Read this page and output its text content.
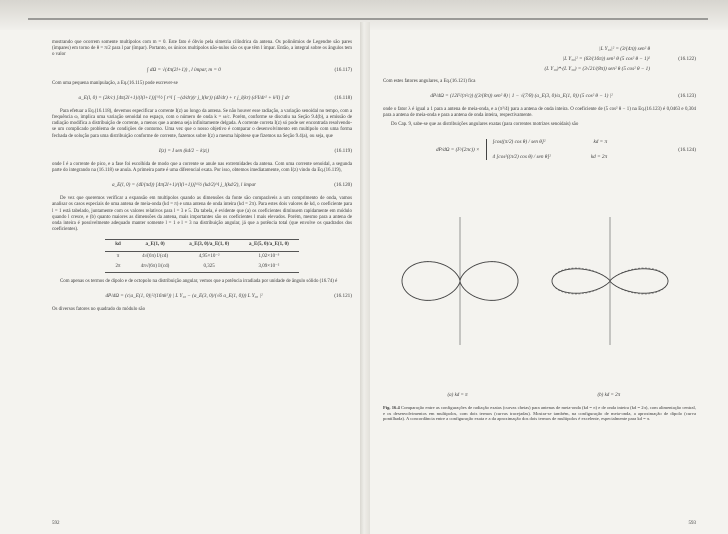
mostrando que ocorrem somente multipolos com m = 0. Este fato é óbvio pela simetria cilíndrica da antena. Os polinômios de Legendre são pares (ímpares) em torno de θ = π/2 para l par (ímpar). Portanto, os únicos multipolos não-nulos são os que têm l ímpar. Então, a integral sobre os ângulos tem o valor

∫ dΩ = √(4π(2l+1)) , l ímpar, m = 0	(16.117)

Com uma pequena manipulação, a Eq.(16.115) pode escrever-se

a_E(l, 0) = (2k/c) [4π(2l+1)/(l(l+1))]^½ ∫ r^l [ −(d/dr)(r j_l(kr)) (dI/dr) + r j_l(kr) (d²I/dr² + k²I) ] dr	(16.118)

Para efetuar a Eq.(16.118), devemos especificar a corrente I(z) ao longo da antena. Se não houver esse radiação, a variação senoidal no tempo, com a frequência ω, implica uma variação senoidal no espaço, com o número de onda k = ω/c. Porém, conforme se discutiu na Seção 9.4(b), a emissão de radiação modifica a distribuição de corrente, a menos que a antena seja infinitamente delgada. A corrente correta I(z) só pode ser encontrada resolvendo-se um complicado problema de condições de contorno. Uma vez que o nosso objetivo é comparar o desenvolvimento em multipolo com uma forma fechada de solução para uma distribuição conforme de corrente, fazemos sobre I(z) a mesma hipótese que fizemos na Seção 9.4(a), ou seja, que

I(z) = I sen (kd/2 − k|z|)	(16.119)

onde I é a corrente de pico, e a fase foi escolhida de modo que a corrente se anule nas extremidades da antena. Com uma corrente senoidal, a segunda parte do integrando na (16.118) se anula. A primeira parte é uma diferencial exata. Por isso, obtemos imediatamente, com I(z) vindo da Eq.(16.119),

a_E(l, 0) = (4I/(πd)) [4π(2l+1)/(l(l+1))]^½ (kd/2)^l j_l(kd/2), l ímpar	(16.120)

De vez que queremos verificar a expansão em multipolos quando as dimensões da fonte são comparáveis a um comprimento de onda, vamos analisar os casos especiais de uma antena de meia-onda (kd = π) e uma antena de onda inteira (kd = 2π). Para estes dois valores de kd, o coeficiente para l = 1 está tabelado, juntamente com os valores relativos para l = 3 e 5. Da tabela, é evidente que (a) os coeficientes diminuem rapidamente em módulo quando l cresce, e (b) quanto maiores as dimensões da antena, mais importantes são os coeficientes l mais elevados. Porém, mesmo para a antena de onda inteira é possivelmente adequado manter somente l = 1 e l = 3 na distribuição angular, já que a potência total (que envolve os quadrados dos coeficientes).

kd	a_E(1, 0)	a_E(3, 0)/a_E(1, 0)	a_E(5, 0)/a_E(1, 0)
π	4√(6π) I/(cd)	4,95×10⁻²	1,02×10⁻³
2π	4π√(6π) I/(cd)	0,325	3,09×10⁻²

Com apenas os termos de dipolo e de octopolo na distribuição angular, vemos que a potência irradiada por unidade de ângulo sólido (16.74) é

dP/dΩ = (c|a_E(1, 0)|²/(16πk²)) | L Y₁₀ − (a_E(3, 0)/(√6 a_E(1, 0))) L Y₃₀ |²	(16.121)

Os diversos fatores no quadrado do módulo são

592
|L Y₁₀|² = (3/(4π)) sen² θ
|L Y₃₀|² = (63/(16π)) sen² θ (5 cos² θ − 1)²
(L Y₁₀)*·(L Y₃₀) = (3√21/(8π)) sen² θ (5 cos² θ − 1)
(16.122)

Com estes fatores angulares, a Eq.(16.121) fica

dP/dΩ = (12I²/(π²c)) ((3/(8π)) sen² θ) | 1 − √(7/8) (a_E(3, 0)/a_E(1, 0)) (5 cos² θ − 1) |²	(16.123)

onde o fator λ é igual a 1 para a antena de meia-onda, e a (π²/4) para a antena de onda inteira. O coeficiente de (5 cos² θ − 1) na Eq.(16.123) é 0,0463 e 0,304 para a antena de meia-onda e para a antena de onda inteira, respectivamente.

Do Cap. 9, sabe-se que as distribuições angulares exatas (para correntes motrizes senoidais) são

dP/dΩ = (I²/(2πc)) ×
[cos((π/2) cos θ) / sen θ]²	kd = π
4 [cos²((π/2) cos θ) / sen θ]²	kd = 2π
(16.124)
(a) kd = π	(b) kd = 2π

Fig. 16.4 Comparação entre as configurações de radiação exatas (curvas cheias) para antenas de meia-onda (kd = π) e de onda inteira (kd = 2π), com alimentação central, e os desenvolvimentos em multipolos, com dois termos (curvas tracejadas). Mostra-se também, na configuração de meia-onda, a aproximação de dipolo (curva pontilhada). A concordância entre a configuração exata e a da aproximação dos dois termos de multipolos é excelente, especialmente para kd = π.

593
